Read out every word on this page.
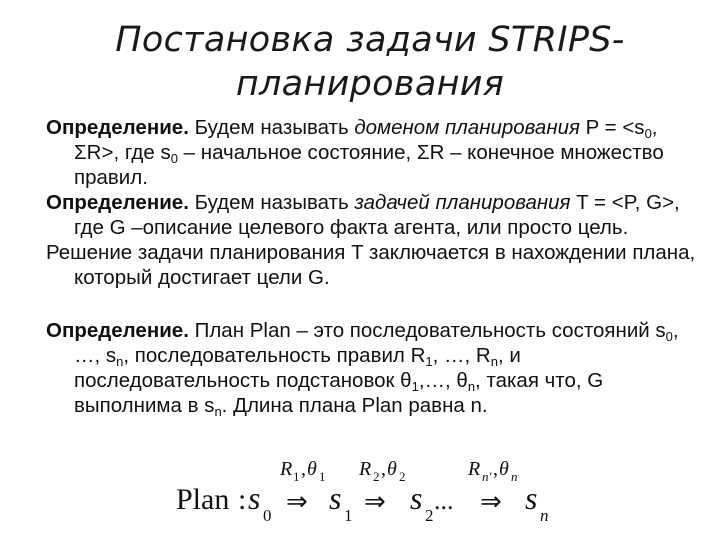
Постановка задачи STRIPS-
планирования

Определение. Будем называть доменом планирования $P = <s_0$, ΣR>, где $s_0$ – начальное состояние, ΣR – конечное множество правил.

Определение. Будем называть задачей планирования T = <P, G>, где G –описание целевого факта агента, или просто цель.

Решение задачи планирования T заключается в нахождении плана, который достигает цели G.

Определение. План Plan – это последовательность состояний $s_0$, …, $s_n$, последовательность правил $R_1$, …, $R_n$, и последовательность подстановок $\theta_1,\dots$, $\theta_n$, такая что, G выполнима в $s_n$. Длина плана Plan равна n.

Plan : s 0
R 1 , θ 1
⇒ s 1
R 2 , θ 2
⇒ s 2
...
R n' , θ n
⇒ s n
